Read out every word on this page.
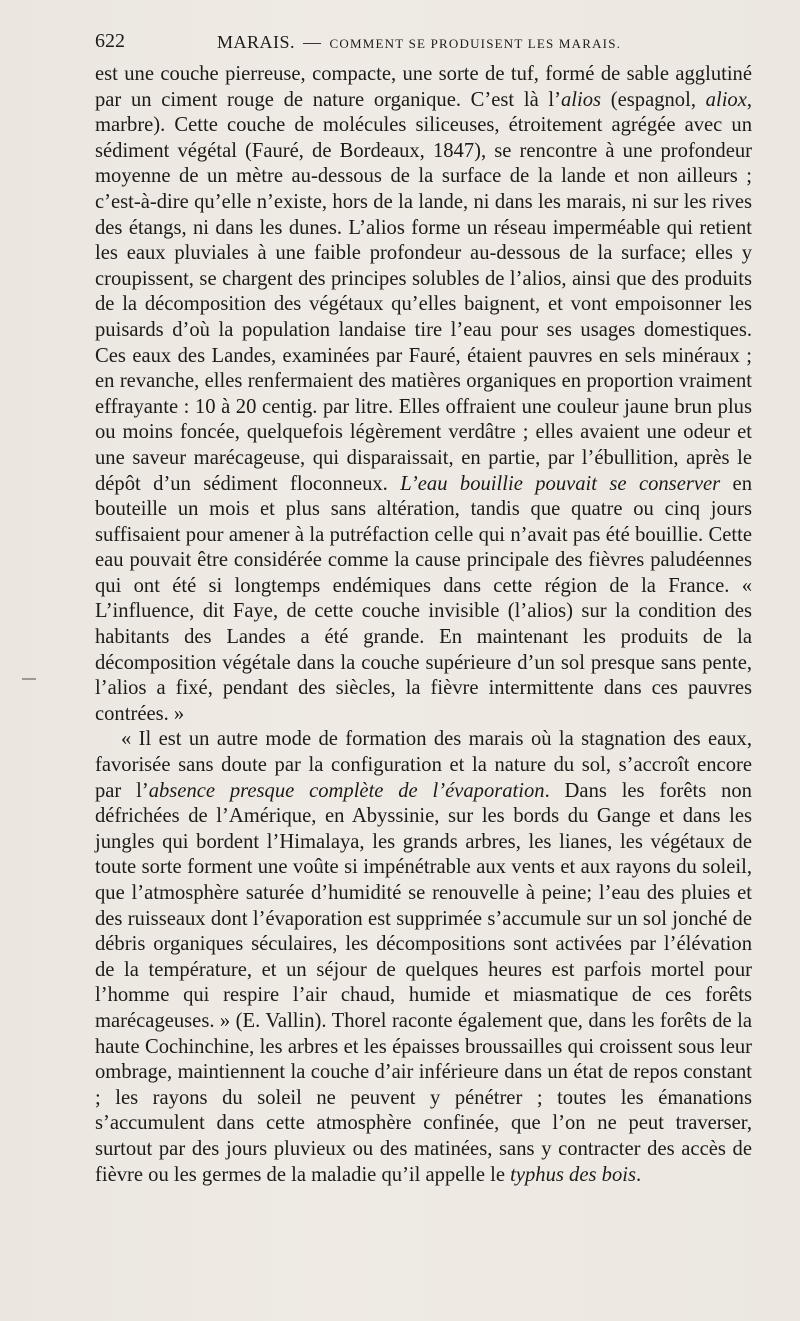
622	MARAIS. — COMMENT SE PRODUISENT LES MARAIS.

est une couche pierreuse, compacte, une sorte de tuf, formé de sable agglutiné par un ciment rouge de nature organique. C’est là l’alios (espagnol, aliox, marbre). Cette couche de molécules siliceuses, étroitement agrégée avec un sédiment végétal (Fauré, de Bordeaux, 1847), se rencontre à une profondeur moyenne de un mètre au-dessous de la surface de la lande et non ailleurs ; c’est-à-dire qu’elle n’existe, hors de la lande, ni dans les marais, ni sur les rives des étangs, ni dans les dunes. L’alios forme un réseau imperméable qui retient les eaux pluviales à une faible profondeur au-dessous de la surface; elles y croupissent, se chargent des principes solubles de l’alios, ainsi que des produits de la décomposition des végétaux qu’elles baignent, et vont empoisonner les puisards d’où la population landaise tire l’eau pour ses usages domestiques. Ces eaux des Landes, examinées par Fauré, étaient pauvres en sels minéraux ; en revanche, elles renfermaient des matières organiques en proportion vraiment effrayante : 10 à 20 centig. par litre. Elles offraient une couleur jaune brun plus ou moins foncée, quelquefois légèrement verdâtre ; elles avaient une odeur et une saveur marécageuse, qui disparaissait, en partie, par l’ébullition, après le dépôt d’un sédiment floconneux. L’eau bouillie pouvait se conserver en bouteille un mois et plus sans altération, tandis que quatre ou cinq jours suffisaient pour amener à la putréfaction celle qui n’avait pas été bouillie. Cette eau pouvait être considérée comme la cause principale des fièvres paludéennes qui ont été si longtemps endémiques dans cette région de la France. « L’influence, dit Faye, de cette couche invisible (l’alios) sur la condition des habitants des Landes a été grande. En maintenant les produits de la décomposition végétale dans la couche supérieure d’un sol presque sans pente, l’alios a fixé, pendant des siècles, la fièvre intermittente dans ces pauvres contrées. »

« Il est un autre mode de formation des marais où la stagnation des eaux, favorisée sans doute par la configuration et la nature du sol, s’accroît encore par l’absence presque complète de l’évaporation. Dans les forêts non défrichées de l’Amérique, en Abyssinie, sur les bords du Gange et dans les jungles qui bordent l’Himalaya, les grands arbres, les lianes, les végétaux de toute sorte forment une voûte si impénétrable aux vents et aux rayons du soleil, que l’atmosphère saturée d’humidité se renouvelle à peine; l’eau des pluies et des ruisseaux dont l’évaporation est supprimée s’accumule sur un sol jonché de débris organiques séculaires, les décompositions sont activées par l’élévation de la température, et un séjour de quelques heures est parfois mortel pour l’homme qui respire l’air chaud, humide et miasmatique de ces forêts marécageuses. » (E. Vallin). Thorel raconte également que, dans les forêts de la haute Cochinchine, les arbres et les épaisses broussailles qui croissent sous leur ombrage, maintiennent la couche d’air inférieure dans un état de repos constant ; les rayons du soleil ne peuvent y pénétrer ; toutes les émanations s’accumulent dans cette atmosphère confinée, que l’on ne peut traverser, surtout par des jours pluvieux ou des matinées, sans y contracter des accès de fièvre ou les germes de la maladie qu’il appelle le typhus des bois.
